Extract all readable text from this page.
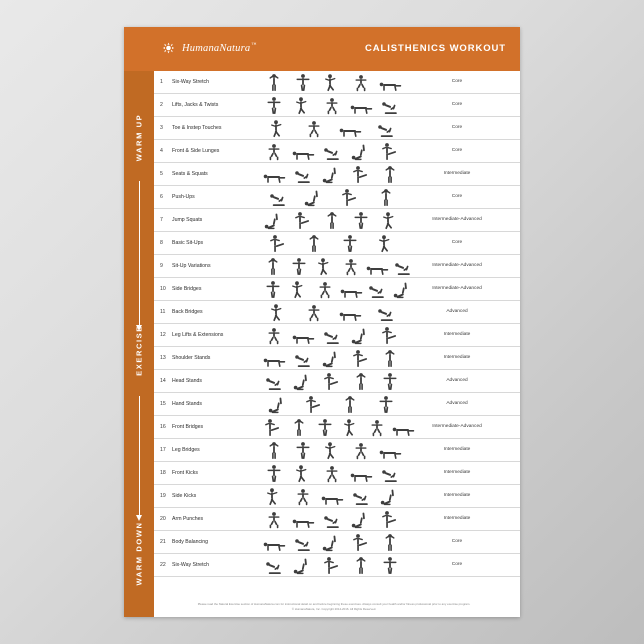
HumanaNatura™	CALISTHENICS WORKOUT
WARM UP
EXERCISE
WARM DOWN
1 Six-Way Stretch	Core
2 Lifts, Jacks & Twists	Core
3 Toe & Instep Touches	Core
4 Front & Side Lunges	Core
5 Seats & Squats	Intermediate
6 Push-Ups	Core
7 Jump Squats	Intermediate-Advanced
8 Basic Sit-Ups	Core
9 Sit-Up Variations	Intermediate-Advanced
10 Side Bridges	Intermediate-Advanced
11 Back Bridges	Advanced
12 Leg Lifts & Extensions	Intermediate
13 Shoulder Stands	Intermediate
14 Head Stands	Advanced
15 Hand Stands	Advanced
16 Front Bridges	Intermediate-Advanced
17 Leg Bridges	Intermediate
18 Front Kicks	Intermediate
19 Side Kicks	Intermediate
20 Arm Punches	Intermediate
21 Body Balancing	Core
22 Six-Way Stretch	Core
Please read the Natural Exercise section of HumanaNatura.com for instructional detail on and before beginning these exercises. Always consult your health and/or fitness professional prior to any exercise program.
© HumanaNatura, Inc. Copyright 2014-2016. All Rights Reserved.
